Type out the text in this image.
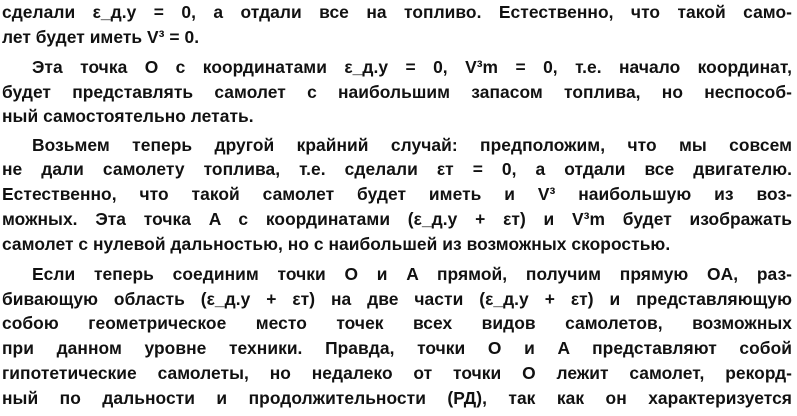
сделали ε_д.у = 0, а отдали все на топливо. Естественно, что такой само-
лет будет иметь V³ = 0.
Эта точка O с координатами ε_д.у = 0, V³m = 0, т.е. начало координат,
будет представлять самолет с наибольшим запасом топлива, но неспособ-
ный самостоятельно летать.
Возьмем теперь другой крайний случай: предположим, что мы совсем
не дали самолету топлива, т.е. сделали εт = 0, а отдали все двигателю.
Естественно, что такой самолет будет иметь и V³ наибольшую из воз-
можных. Эта точка A с координатами (ε_д.у + εт) и V³m будет изображать
самолет с нулевой дальностью, но с наибольшей из возможных скоростью.
Если теперь соединим точки O и A прямой, получим прямую OA, раз-
бивающую область (ε_д.у + εт) на две части (ε_д.у + εт) и представляющую
собою геометрическое место точек всех видов самолетов, возможных
при данном уровне техники. Правда, точки O и A представляют собой
гипотетические самолеты, но недалеко от точки O лежит самолет, рекорд-
ный по дальности и продолжительности (РД), так как он характеризуется
